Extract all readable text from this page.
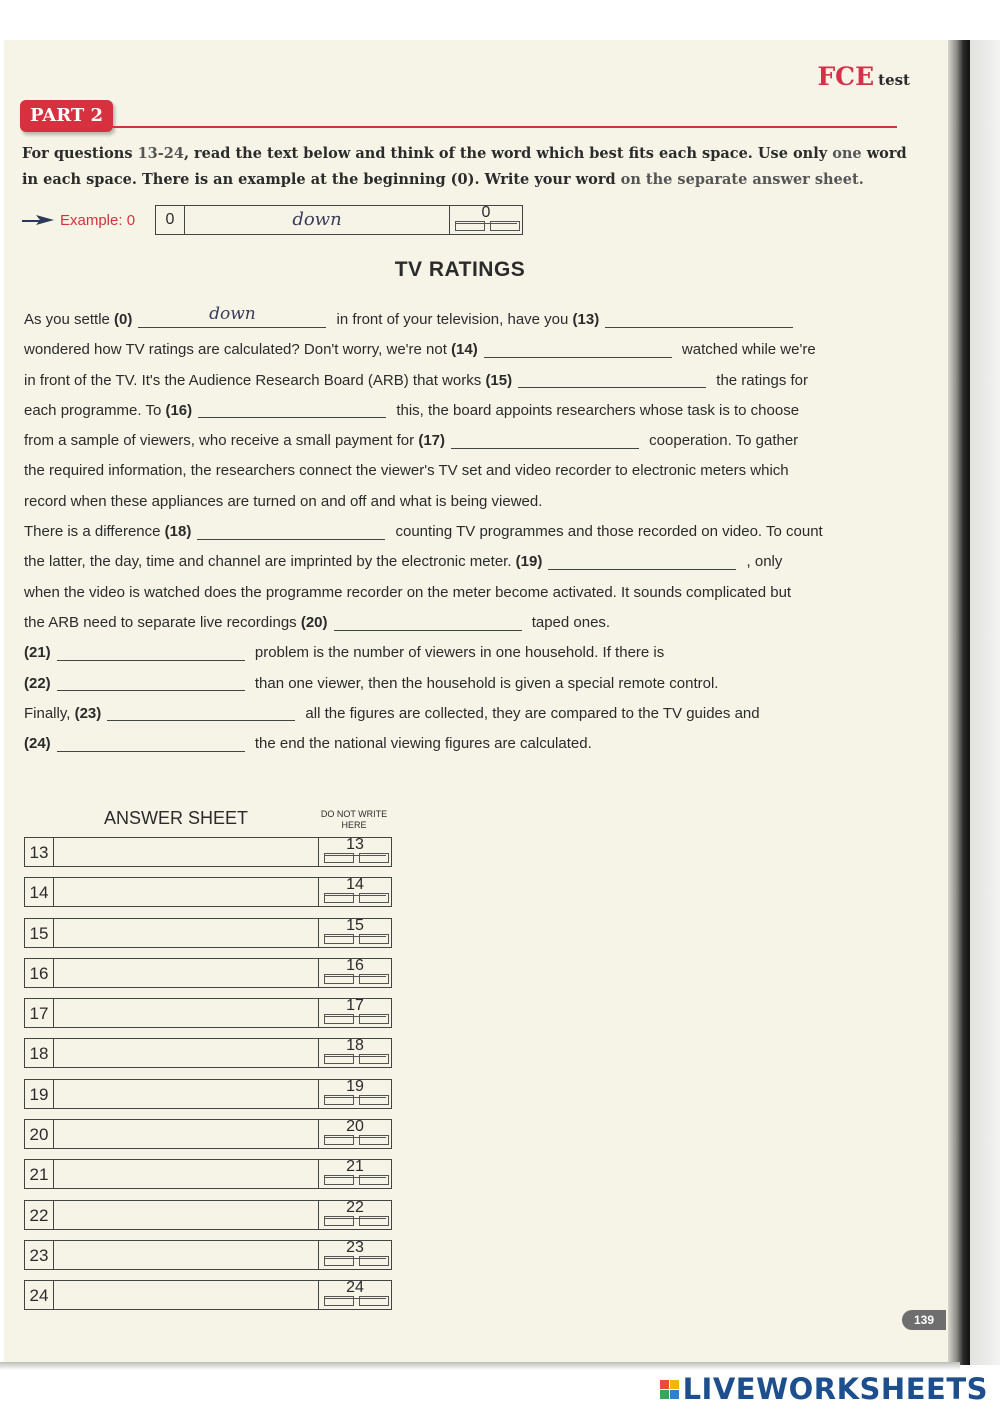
FCE test
PART 2
For questions 13-24, read the text below and think of the word which best fits each space. Use only one word in each space. There is an example at the beginning (0). Write your word on the separate answer sheet.
Example: 0	0	down	0
TV RATINGS
As you settle (0)	down	in front of your television, have you (13)
wondered how TV ratings are calculated? Don't worry, we're not (14)	watched while we're
in front of the TV. It's the Audience Research Board (ARB) that works (15)	the ratings for
each programme. To (16)	this, the board appoints researchers whose task is to choose
from a sample of viewers, who receive a small payment for (17)	cooperation. To gather
the required information, the researchers connect the viewer's TV set and video recorder to electronic meters which
record when these appliances are turned on and off and what is being viewed.
There is a difference (18)	counting TV programmes and those recorded on video. To count
the latter, the day, time and channel are imprinted by the electronic meter. (19)	, only
when the video is watched does the programme recorder on the meter become activated. It sounds complicated but
the ARB need to separate live recordings (20)	taped ones.
(21)	problem is the number of viewers in one household. If there is
(22)	than one viewer, then the household is given a special remote control.
Finally, (23)	all the figures are collected, they are compared to the TV guides and
(24)	the end the national viewing figures are calculated.
ANSWER SHEET	DO NOT WRITE HERE
13	13
14	14
15	15
16	16
17	17
18	18
19	19
20	20
21	21
22	22
23	23
24	24
139
LIVEWORKSHEETS
